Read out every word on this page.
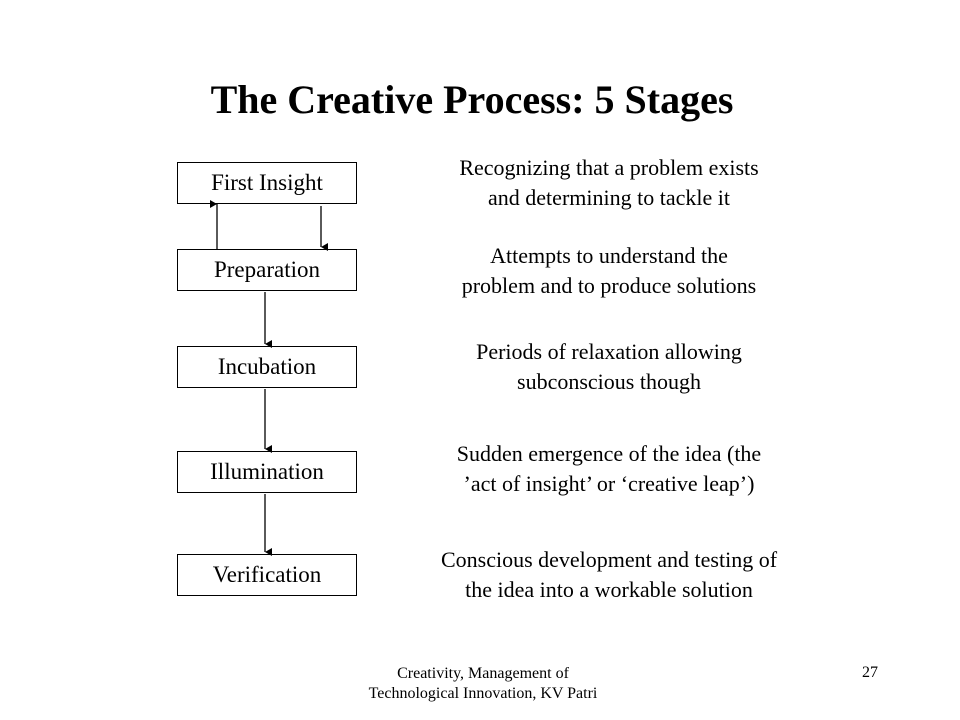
The Creative Process: 5 Stages
First Insight
Preparation
Incubation
Illumination
Verification
Recognizing that a problem exists
and determining to tackle it
Attempts to understand the
problem and to produce solutions
Periods of relaxation allowing
subconscious though
Sudden emergence of the idea (the
’act of insight’ or ‘creative leap’)
Conscious development and testing of
the idea into a workable solution
Creativity, Management of
Technological Innovation, KV Patri
27
